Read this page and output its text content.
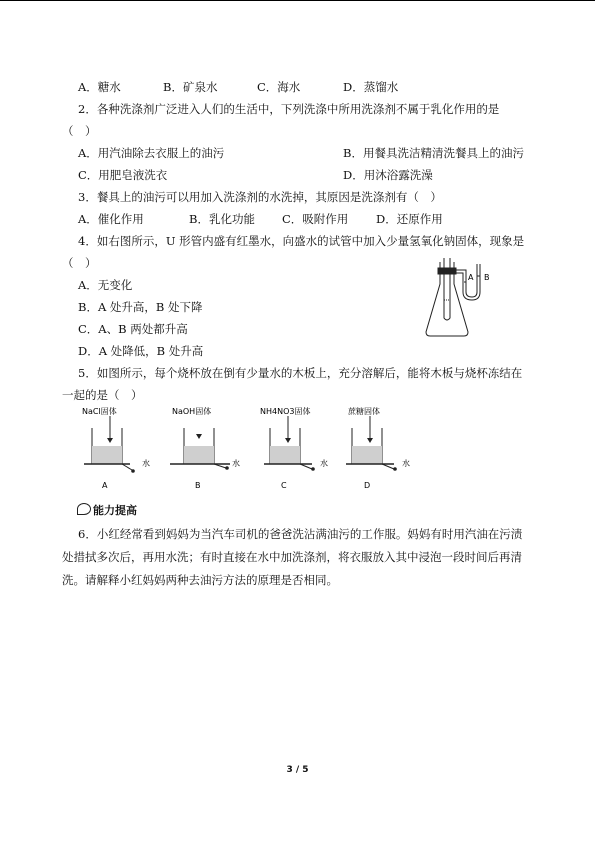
A．糖水	B．矿泉水	C．海水	D．蒸馏水
2．各种洗涤剂广泛进入人们的生活中，下列洗涤中所用洗涤剂不属于乳化作用的是
（　）
A．用汽油除去衣服上的油污	B．用餐具洗洁精清洗餐具上的油污
C．用肥皂液洗衣	D．用沐浴露洗澡
3．餐具上的油污可以用加入洗涤剂的水洗掉，其原因是洗涤剂有（　）
A．催化作用	B．乳化功能 C．吸附作用 D．还原作用
4．如右图所示，U 形管内盛有红墨水，向盛水的试管中加入少量氢氧化钠固体，现象是
（　）
A．无变化
B．A 处升高，B 处下降
C．A、B 两处都升高
D．A 处降低，B 处升高
A B
5．如图所示，每个烧杯放在倒有少量水的木板上，充分溶解后，能将木板与烧杯冻结在
一起的是（　）
NaCl固体
水
A
NaOH固体
水
B
NH4NO3固体
水
C
蔗糖固体
水
D
能力提高
6．小红经常看到妈妈为当汽车司机的爸爸洗沾满油污的工作服。妈妈有时用汽油在污渍
处措拭多次后，再用水洗；有时直接在水中加洗涤剂，将衣服放入其中浸泡一段时间后再清
洗。请解释小红妈妈两种去油污方法的原理是否相同。
3 / 5
